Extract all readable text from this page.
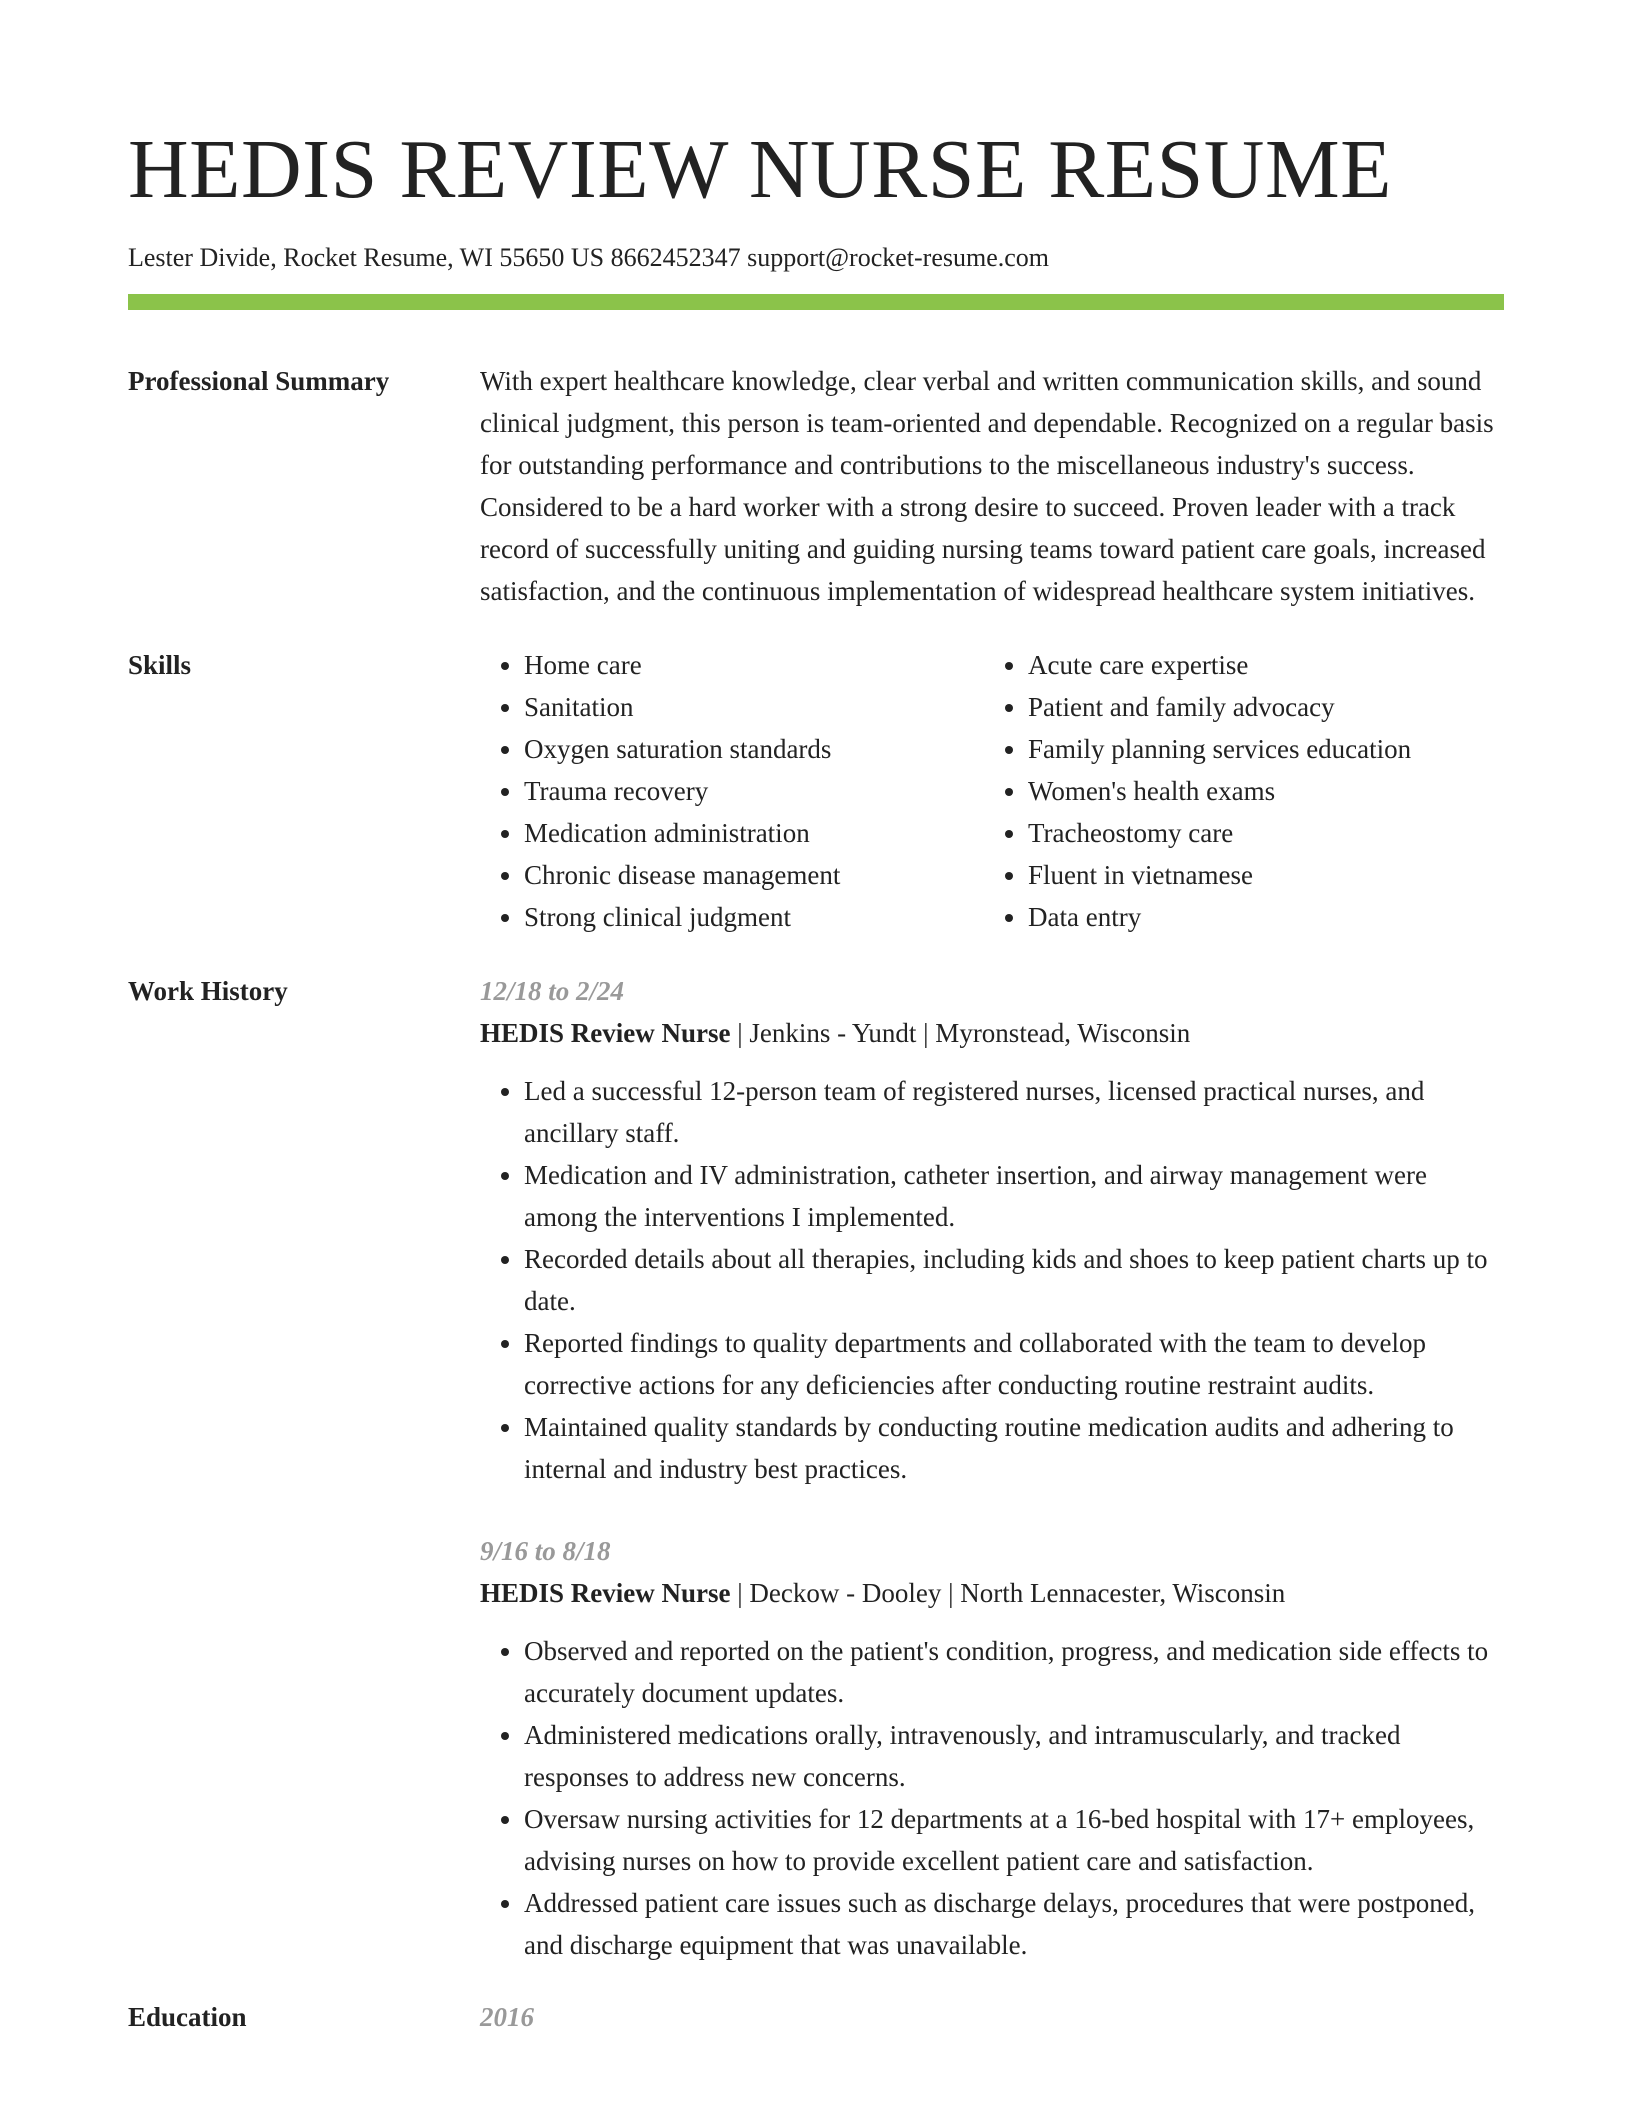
HEDIS REVIEW NURSE RESUME
Lester Divide, Rocket Resume, WI 55650 US 8662452347 support@rocket-resume.com
Professional Summary	With expert healthcare knowledge, clear verbal and written communication skills, and sound clinical judgment, this person is team-oriented and dependable. Recognized on a regular basis for outstanding performance and contributions to the miscellaneous industry's success. Considered to be a hard worker with a strong desire to succeed. Proven leader with a track record of successfully uniting and guiding nursing teams toward patient care goals, increased satisfaction, and the continuous implementation of widespread healthcare system initiatives.

Skills
•	Home care
• Sanitation
• Oxygen saturation standards
• Trauma recovery
• Medication administration
• Chronic disease management
• Strong clinical judgment
• Acute care expertise
• Patient and family advocacy
• Family planning services education
• Women's health exams
• Tracheostomy care
• Fluent in vietnamese
• Data entry
Work History	12/18 to 2/24
HEDIS Review Nurse | Jenkins - Yundt | Myronstead, Wisconsin
• Led a successful 12-person team of registered nurses, licensed practical nurses, and ancillary staff.
• Medication and IV administration, catheter insertion, and airway management were among the interventions I implemented.
• Recorded details about all therapies, including kids and shoes to keep patient charts up to date.
• Reported findings to quality departments and collaborated with the team to develop corrective actions for any deficiencies after conducting routine restraint audits.
• Maintained quality standards by conducting routine medication audits and adhering to internal and industry best practices.
9/16 to 8/18
HEDIS Review Nurse | Deckow - Dooley | North Lennacester, Wisconsin
• Observed and reported on the patient's condition, progress, and medication side effects to accurately document updates.
• Administered medications orally, intravenously, and intramuscularly, and tracked responses to address new concerns.
• Oversaw nursing activities for 12 departments at a 16-bed hospital with 17+ employees, advising nurses on how to provide excellent patient care and satisfaction.
• Addressed patient care issues such as discharge delays, procedures that were postponed, and discharge equipment that was unavailable.
Education	2016
